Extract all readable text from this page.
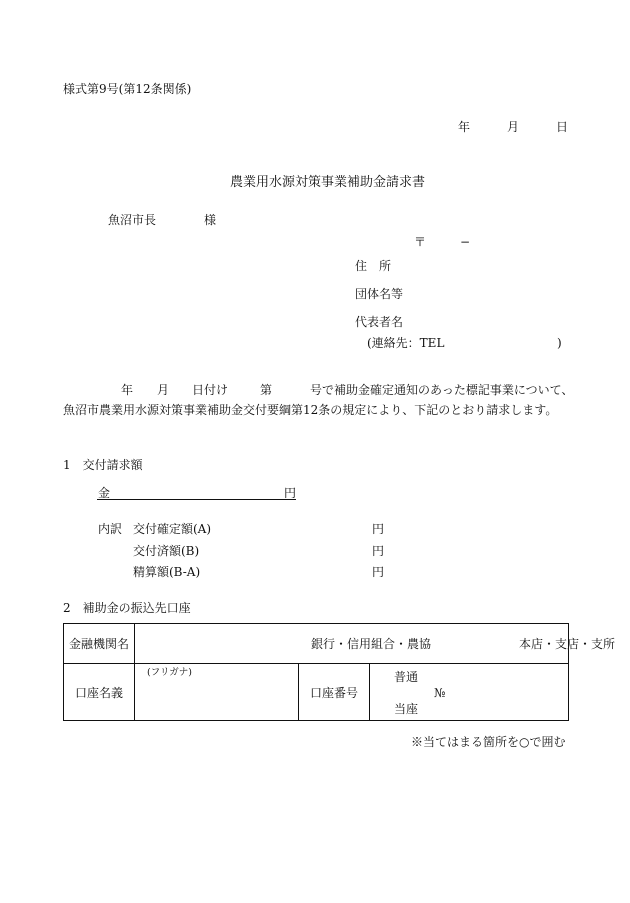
様式第9号(第12条関係)
年	月	日
農業用水源対策事業補助金請求書
魚沼市長	様
〒	−
住　所
団体名等
代表者名
(連絡先：TEL	)
年 月 日付け	第	号で補助金確定通知のあった標記事業について、
魚沼市農業用水源対策事業補助金交付要綱第12条の規定により、下記のとおり請求します。
1　交付請求額
金	円
内訳 交付確定額(A)	円
交付済額(B)	円
精算額(B-A)	円
2　補助金の振込先口座
金融機関名	銀行・信用組合・農協 本店・支店・支所		

口座名義	(フリガナ)	口座番号	普通
№
当座
※当てはまる箇所を○で囲む
